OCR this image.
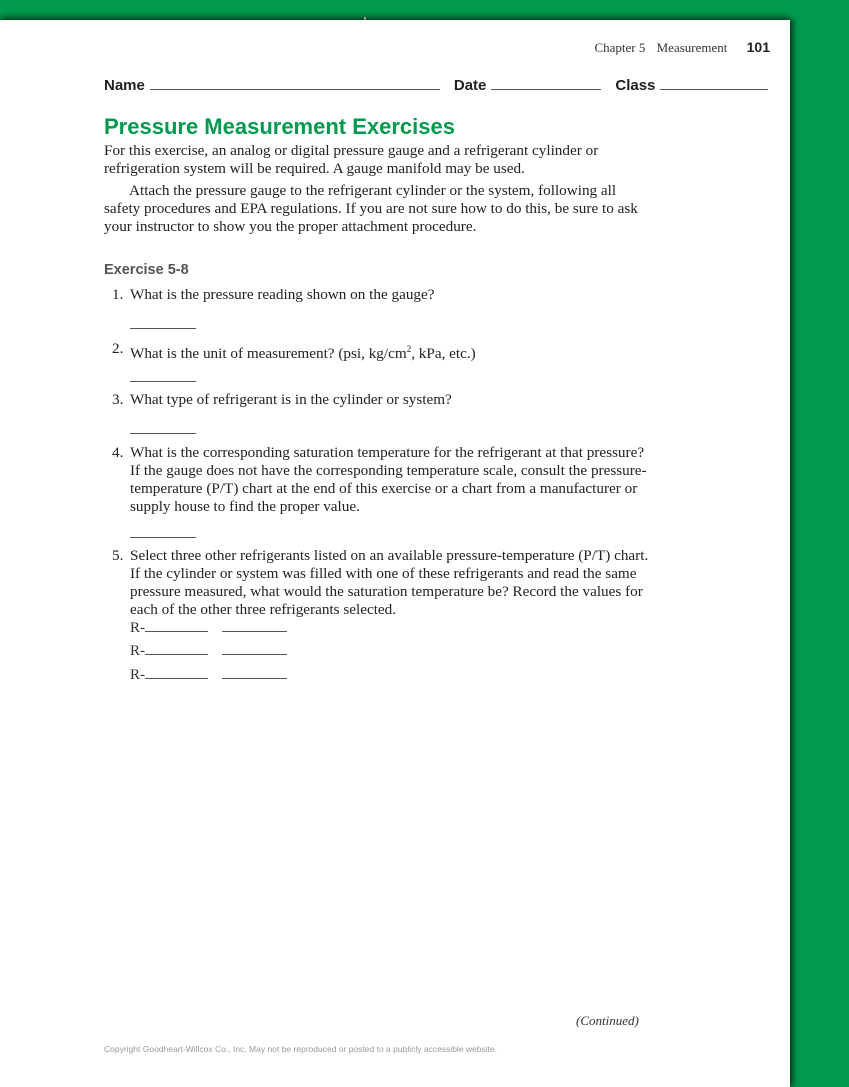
Chapter 5 Measurement 101
Name	Date	Class
Pressure Measurement Exercises

For this exercise, an analog or digital pressure gauge and a refrigerant cylinder or refrigeration system will be required. A gauge manifold may be used.

Attach the pressure gauge to the refrigerant cylinder or the system, following all safety procedures and EPA regulations. If you are not sure how to do this, be sure to ask your instructor to show you the proper attachment procedure.

Exercise 5-8
1. What is the pressure reading shown on the gauge?
2. What is the unit of measurement? (psi, $kg/cm^2$, kPa, etc.)
3. What type of refrigerant is in the cylinder or system?
4. What is the corresponding saturation temperature for the refrigerant at that pressure? If the gauge does not have the corresponding temperature scale, consult the pressure-temperature (P/T) chart at the end of this exercise or a chart from a manufacturer or supply house to find the proper value.
5. Select three other refrigerants listed on an available pressure-temperature (P/T) chart. If the cylinder or system was filled with one of these refrigerants and read the same pressure measured, what would the saturation temperature be? Record the values for each of the other three refrigerants selected.
R-
R-
R-
(Continued)
Copyright Goodheart-Willcox Co., Inc. May not be reproduced or posted to a publicly accessible website.
